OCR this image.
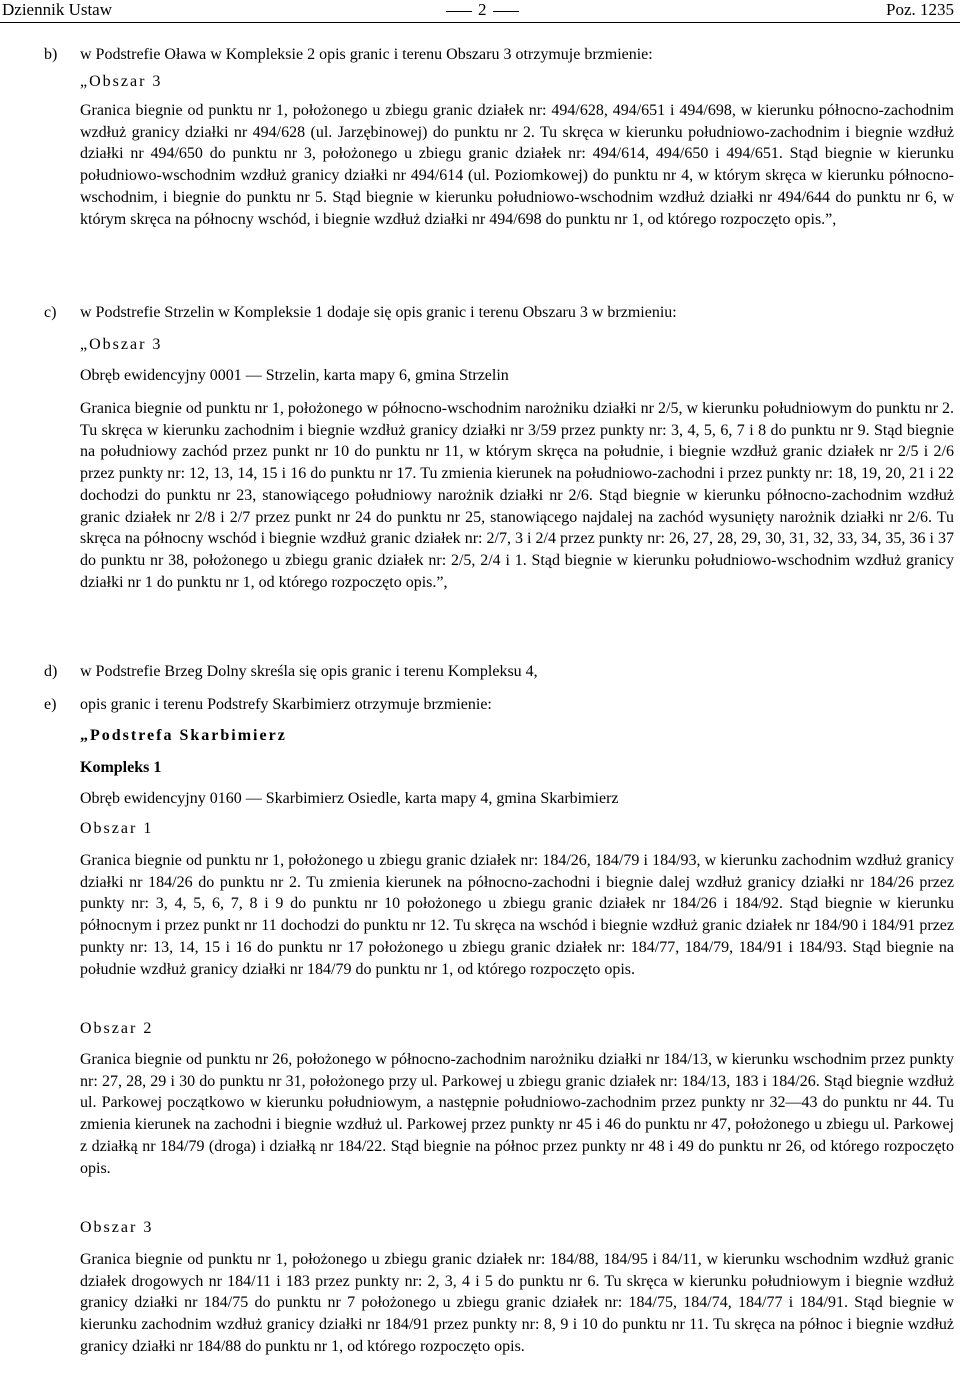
Dziennik Ustaw	2	Poz. 1235
b) w Podstrefie Oława w Kompleksie 2 opis granic i terenu Obszaru 3 otrzymuje brzmienie:
„Obszar 3
Granica biegnie od punktu nr 1, położonego u zbiegu granic działek nr: 494/628, 494/651 i 494/698, w kierunku północno-zachodnim wzdłuż granicy działki nr 494/628 (ul. Jarzębinowej) do punktu nr 2. Tu skręca w kierunku południowo-zachodnim i biegnie wzdłuż działki nr 494/650 do punktu nr 3, położonego u zbiegu granic działek nr: 494/614, 494/650 i 494/651. Stąd biegnie w kierunku południowo-wschodnim wzdłuż granicy działki nr 494/614 (ul. Poziomkowej) do punktu nr 4, w którym skręca w kierunku północno-wschodnim, i biegnie do punktu nr 5. Stąd biegnie w kierunku południowo-wschodnim wzdłuż działki nr 494/644 do punktu nr 6, w którym skręca na północny wschód, i biegnie wzdłuż działki nr 494/698 do punktu nr 1, od którego rozpoczęto opis.”,
c) w Podstrefie Strzelin w Kompleksie 1 dodaje się opis granic i terenu Obszaru 3 w brzmieniu:
„Obszar 3
Obręb ewidencyjny 0001 — Strzelin, karta mapy 6, gmina Strzelin
Granica biegnie od punktu nr 1, położonego w północno-wschodnim narożniku działki nr 2/5, w kierunku południowym do punktu nr 2. Tu skręca w kierunku zachodnim i biegnie wzdłuż granicy działki nr 3/59 przez punkty nr: 3, 4, 5, 6, 7 i 8 do punktu nr 9. Stąd biegnie na południowy zachód przez punkt nr 10 do punktu nr 11, w którym skręca na południe, i biegnie wzdłuż granic działek nr 2/5 i 2/6 przez punkty nr: 12, 13, 14, 15 i 16 do punktu nr 17. Tu zmienia kierunek na południowo-zachodni i przez punkty nr: 18, 19, 20, 21 i 22 dochodzi do punktu nr 23, stanowiącego południowy narożnik działki nr 2/6. Stąd biegnie w kierunku północno-zachodnim wzdłuż granic działek nr 2/8 i 2/7 przez punkt nr 24 do punktu nr 25, stanowiącego najdalej na zachód wysunięty narożnik działki nr 2/6. Tu skręca na północny wschód i biegnie wzdłuż granic działek nr: 2/7, 3 i 2/4 przez punkty nr: 26, 27, 28, 29, 30, 31, 32, 33, 34, 35, 36 i 37 do punktu nr 38, położonego u zbiegu granic działek nr: 2/5, 2/4 i 1. Stąd biegnie w kierunku południowo-wschodnim wzdłuż granicy działki nr 1 do punktu nr 1, od którego rozpoczęto opis.”,
d) w Podstrefie Brzeg Dolny skreśla się opis granic i terenu Kompleksu 4,
e) opis granic i terenu Podstrefy Skarbimierz otrzymuje brzmienie:
„Podstrefa Skarbimierz
Kompleks 1
Obręb ewidencyjny 0160 — Skarbimierz Osiedle, karta mapy 4, gmina Skarbimierz
Obszar 1
Granica biegnie od punktu nr 1, położonego u zbiegu granic działek nr: 184/26, 184/79 i 184/93, w kierunku zachodnim wzdłuż granicy działki nr 184/26 do punktu nr 2. Tu zmienia kierunek na północno-zachodni i biegnie dalej wzdłuż granicy działki nr 184/26 przez punkty nr: 3, 4, 5, 6, 7, 8 i 9 do punktu nr 10 położonego u zbiegu granic działek nr 184/26 i 184/92. Stąd biegnie w kierunku północnym i przez punkt nr 11 dochodzi do punktu nr 12. Tu skręca na wschód i biegnie wzdłuż granic działek nr 184/90 i 184/91 przez punkty nr: 13, 14, 15 i 16 do punktu nr 17 położonego u zbiegu granic działek nr: 184/77, 184/79, 184/91 i 184/93. Stąd biegnie na południe wzdłuż granicy działki nr 184/79 do punktu nr 1, od którego rozpoczęto opis.
Obszar 2
Granica biegnie od punktu nr 26, położonego w północno-zachodnim narożniku działki nr 184/13, w kierunku wschodnim przez punkty nr: 27, 28, 29 i 30 do punktu nr 31, położonego przy ul. Parkowej u zbiegu granic działek nr: 184/13, 183 i 184/26. Stąd biegnie wzdłuż ul. Parkowej początkowo w kierunku południowym, a następnie południowo-zachodnim przez punkty nr 32—43 do punktu nr 44. Tu zmienia kierunek na zachodni i biegnie wzdłuż ul. Parkowej przez punkty nr 45 i 46 do punktu nr 47, położonego u zbiegu ul. Parkowej z działką nr 184/79 (droga) i działką nr 184/22. Stąd biegnie na północ przez punkty nr 48 i 49 do punktu nr 26, od którego rozpoczęto opis.
Obszar 3
Granica biegnie od punktu nr 1, położonego u zbiegu granic działek nr: 184/88, 184/95 i 84/11, w kierunku wschodnim wzdłuż granic działek drogowych nr 184/11 i 183 przez punkty nr: 2, 3, 4 i 5 do punktu nr 6. Tu skręca w kierunku południowym i biegnie wzdłuż granicy działki nr 184/75 do punktu nr 7 położonego u zbiegu granic działek nr: 184/75, 184/74, 184/77 i 184/91. Stąd biegnie w kierunku zachodnim wzdłuż granicy działki nr 184/91 przez punkty nr: 8, 9 i 10 do punktu nr 11. Tu skręca na północ i biegnie wzdłuż granicy działki nr 184/88 do punktu nr 1, od którego rozpoczęto opis.
